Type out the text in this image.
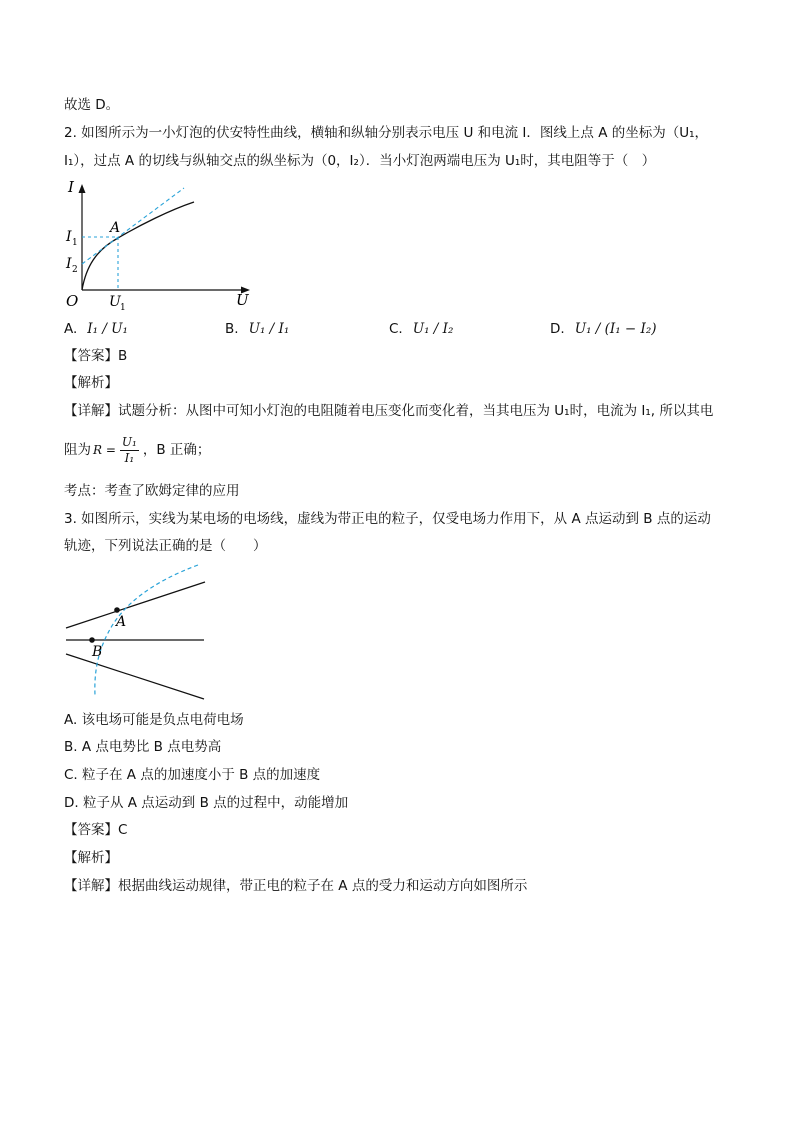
故选 D。
2. 如图所示为一小灯泡的伏安特性曲线，横轴和纵轴分别表示电压 U 和电流 I．图线上点 A 的坐标为（U₁，
I₁），过点 A 的切线与纵轴交点的纵坐标为（0，I₂）．当小灯泡两端电压为 U₁时，其电阻等于（　）
I
U
O
A
I 1
I 2
U 1
A. I₁ / U₁	B. U₁ / I₁	C. U₁ / I₂	D. U₁ / (I₁ − I₂)
【答案】B
【解析】
【详解】试题分析：从图中可知小灯泡的电阻随着电压变化而变化着，当其电压为 U₁时，电流为 I₁, 所以其电
阻为 $R = \frac{\text{U₁}}{\text{I₁}}$ ，B 正确；
考点：考查了欧姆定律的应用
3. 如图所示，实线为某电场的电场线，虚线为带正电的粒子，仅受电场力作用下，从 A 点运动到 B 点的运动
轨迹，下列说法正确的是（　　）
A
B
A. 该电场可能是负点电荷电场
B. A 点电势比 B 点电势高
C. 粒子在 A 点的加速度小于 B 点的加速度
D. 粒子从 A 点运动到 B 点的过程中，动能增加
【答案】C
【解析】
【详解】根据曲线运动规律，带正电的粒子在 A 点的受力和运动方向如图所示
